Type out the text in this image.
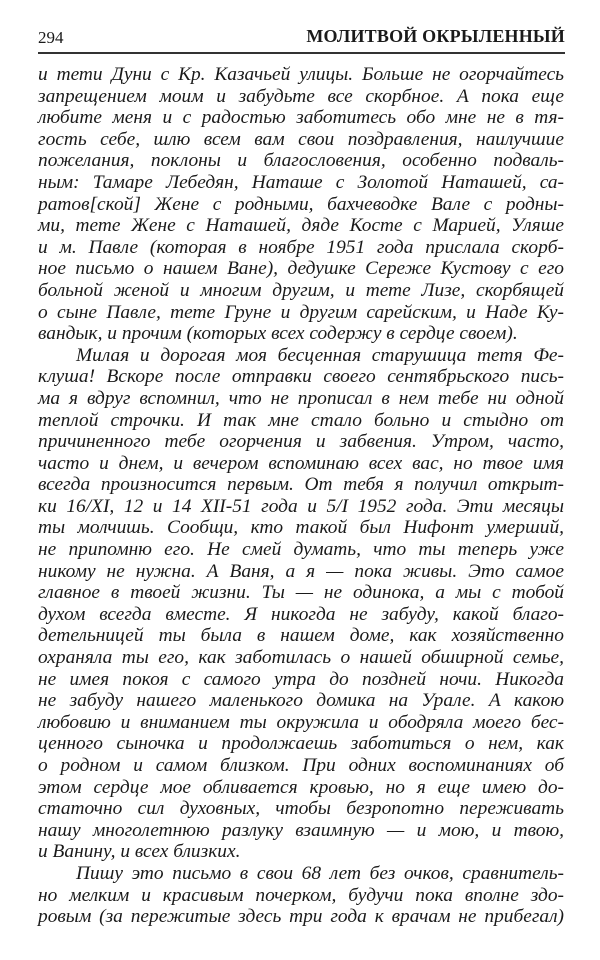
294	МОЛИТВОЙ ОКРЫЛЕННЫЙ
и тети Дуни с Кр. Казачьей улицы. Больше не огорчайтесь
запрещением моим и забудьте все скорбное. А пока еще
любите меня и с радостью заботитесь обо мне не в тя-
гость себе, шлю всем вам свои поздравления, наилучшие
пожелания, поклоны и благословения, особенно подваль-
ным: Тамаре Лебедян, Наташе с Золотой Наташей, са-
ратов[ской] Жене с родными, бахчеводке Вале с родны-
ми, тете Жене с Наташей, дяде Косте с Марией, Уляше
и м. Павле (которая в ноябре 1951 года прислала скорб-
ное письмо о нашем Ване), дедушке Сереже Кустову с его
больной женой и многим другим, и тете Лизе, скорбящей
о сыне Павле, тете Груне и другим сарейским, и Наде Ку-
вандык, и прочим (которых всех содержу в сердце своем).
Милая и дорогая моя бесценная старушица тетя Фе-
клуша! Вскоре после отправки своего сентябрьского пись-
ма я вдруг вспомнил, что не прописал в нем тебе ни одной
теплой строчки. И так мне стало больно и стыдно от
причиненного тебе огорчения и забвения. Утром, часто,
часто и днем, и вечером вспоминаю всех вас, но твое имя
всегда произносится первым. От тебя я получил открыт-
ки 16/XI, 12 и 14 XII-51 года и 5/I 1952 года. Эти месяцы
ты молчишь. Сообщи, кто такой был Нифонт умерший,
не припомню его. Не смей думать, что ты теперь уже
никому не нужна. А Ваня, а я — пока живы. Это самое
главное в твоей жизни. Ты — не одинока, а мы с тобой
духом всегда вместе. Я никогда не забуду, какой благо-
детельницей ты была в нашем доме, как хозяйственно
охраняла ты его, как заботилась о нашей обширной семье,
не имея покоя с самого утра до поздней ночи. Никогда
не забуду нашего маленького домика на Урале. А какою
любовию и вниманием ты окружила и ободряла моего бес-
ценного сыночка и продолжаешь заботиться о нем, как
о родном и самом близком. При одних воспоминаниях об
этом сердце мое обливается кровью, но я еще имею до-
статочно сил духовных, чтобы безропотно переживать
нашу многолетнюю разлуку взаимную — и мою, и твою,
и Ванину, и всех близких.
Пишу это письмо в свои 68 лет без очков, сравнитель-
но мелким и красивым почерком, будучи пока вполне здо-
ровым (за пережитые здесь три года к врачам не прибегал)
